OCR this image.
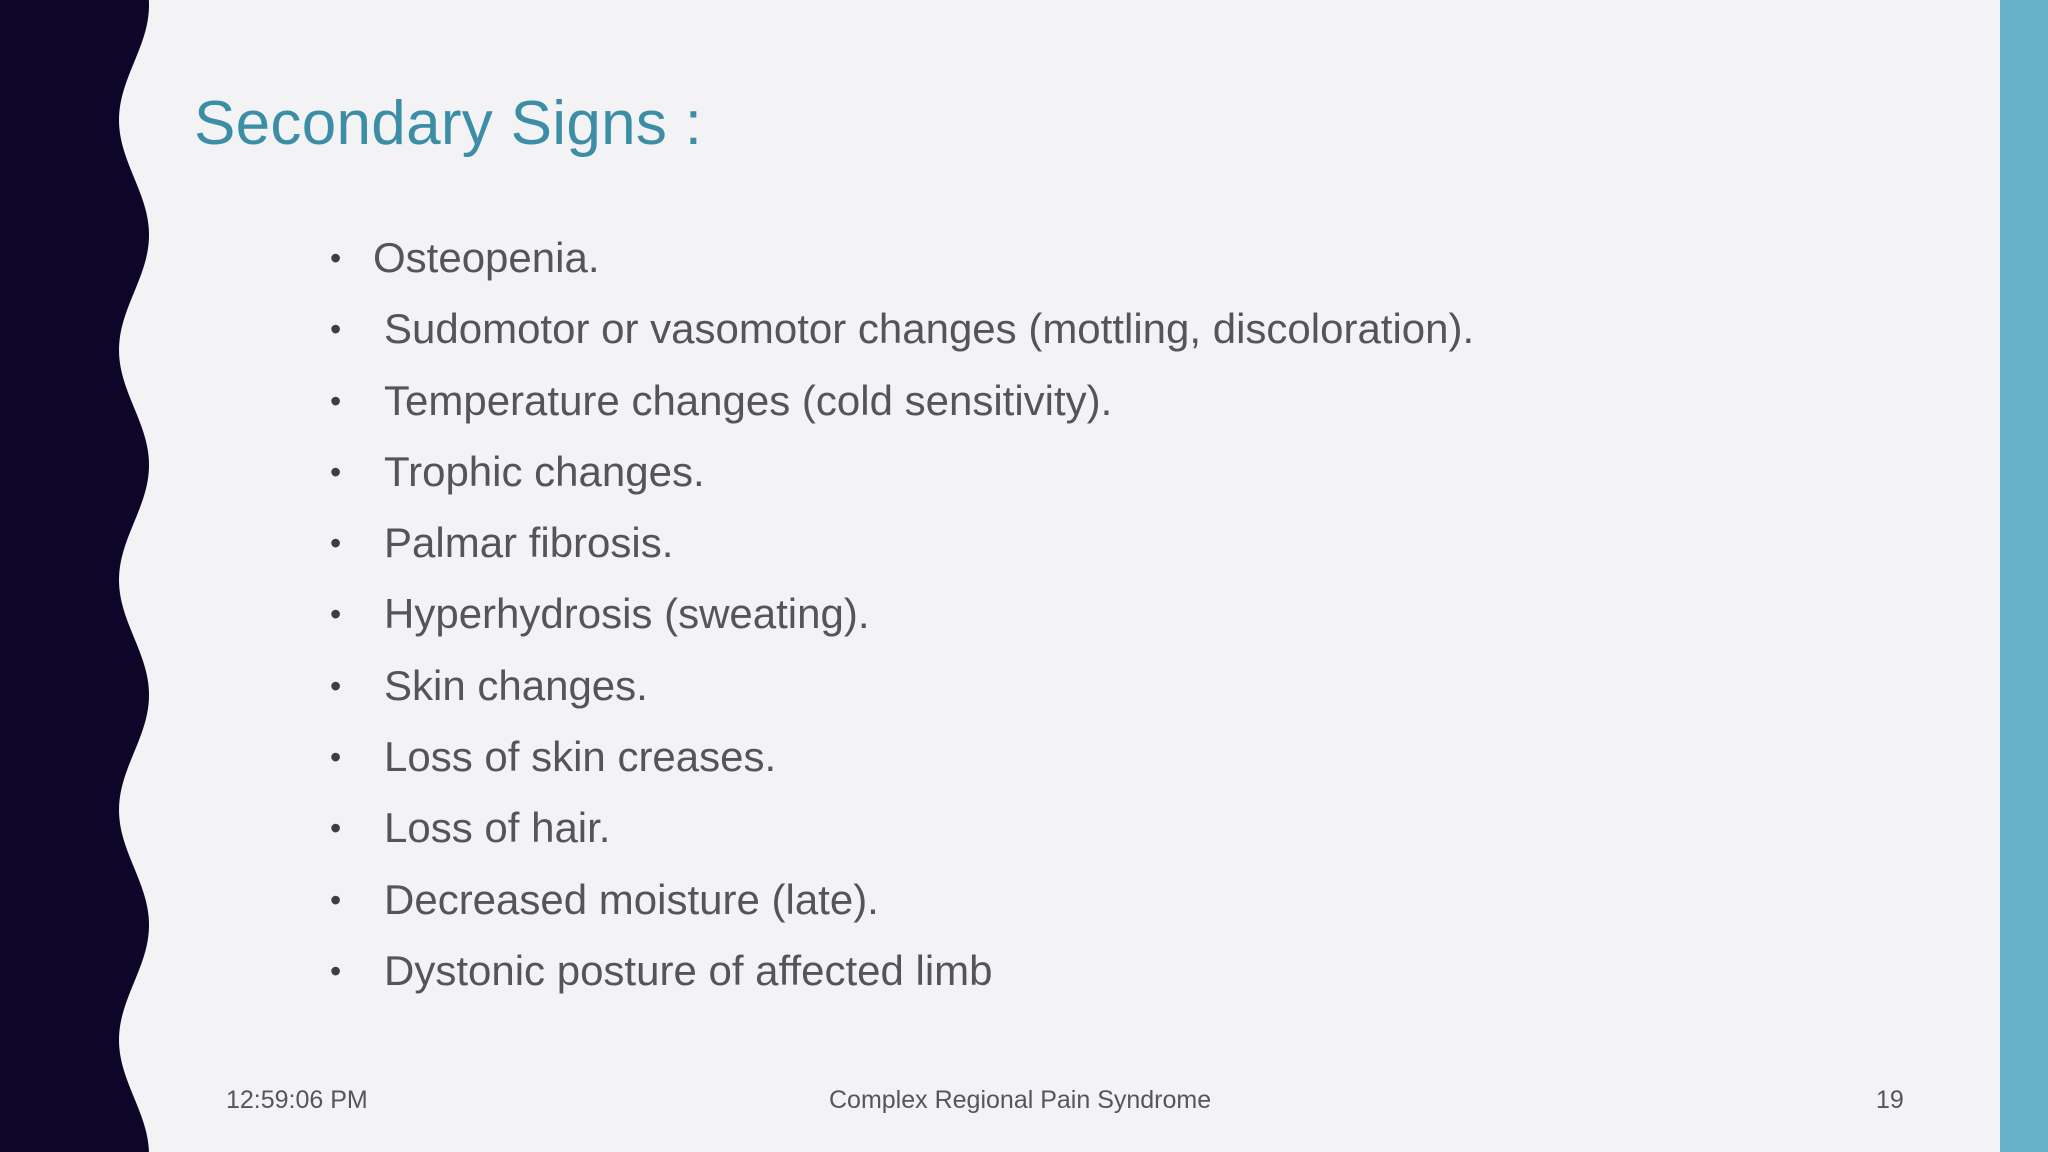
Secondary Signs :
• Osteopenia.
• Sudomotor or vasomotor changes (mottling, discoloration).
• Temperature changes (cold sensitivity).
• Trophic changes.
• Palmar fibrosis.
• Hyperhydrosis (sweating).
• Skin changes.
• Loss of skin creases.
• Loss of hair.
• Decreased moisture (late).
• Dystonic posture of affected limb
12:59:06 PM	Complex Regional Pain Syndrome	19
